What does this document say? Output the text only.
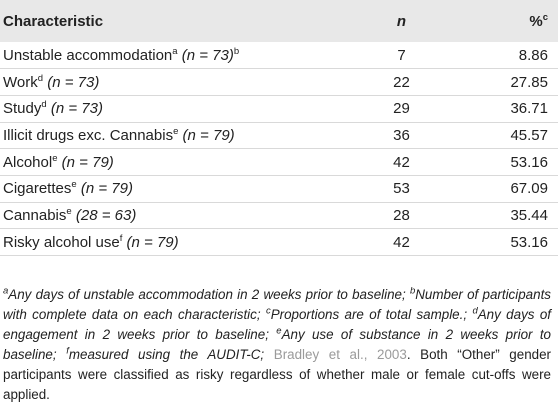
Characteristic	n	%$^c$
Unstable accommodation$^a$ (n = 73)$^b$	7	8.86
Work$^d$ (n = 73)	22	27.85
Study$^d$ (n = 73)	29	36.71
Illicit drugs exc. Cannabis$^e$ (n = 79)	36	45.57
Alcohol$^e$ (n = 79)	42	53.16
Cigarettes$^e$ (n = 79)	53	67.09
Cannabis$^e$ (28 = 63)	28	35.44
Risky alcohol use$^f$ (n = 79)	42	53.16
$^a$Any days of unstable accommodation in 2 weeks prior to baseline; $^b$Number of participants with complete data on each characteristic; $^c$Proportions are of total sample.; $^d$Any days of engagement in 2 weeks prior to baseline; $^e$Any use of substance in 2 weeks prior to baseline; $^f$measured using the AUDIT-C; Bradley et al., 2003. Both “Other” gender participants were classified as risky regardless of whether male or female cut-offs were applied.
